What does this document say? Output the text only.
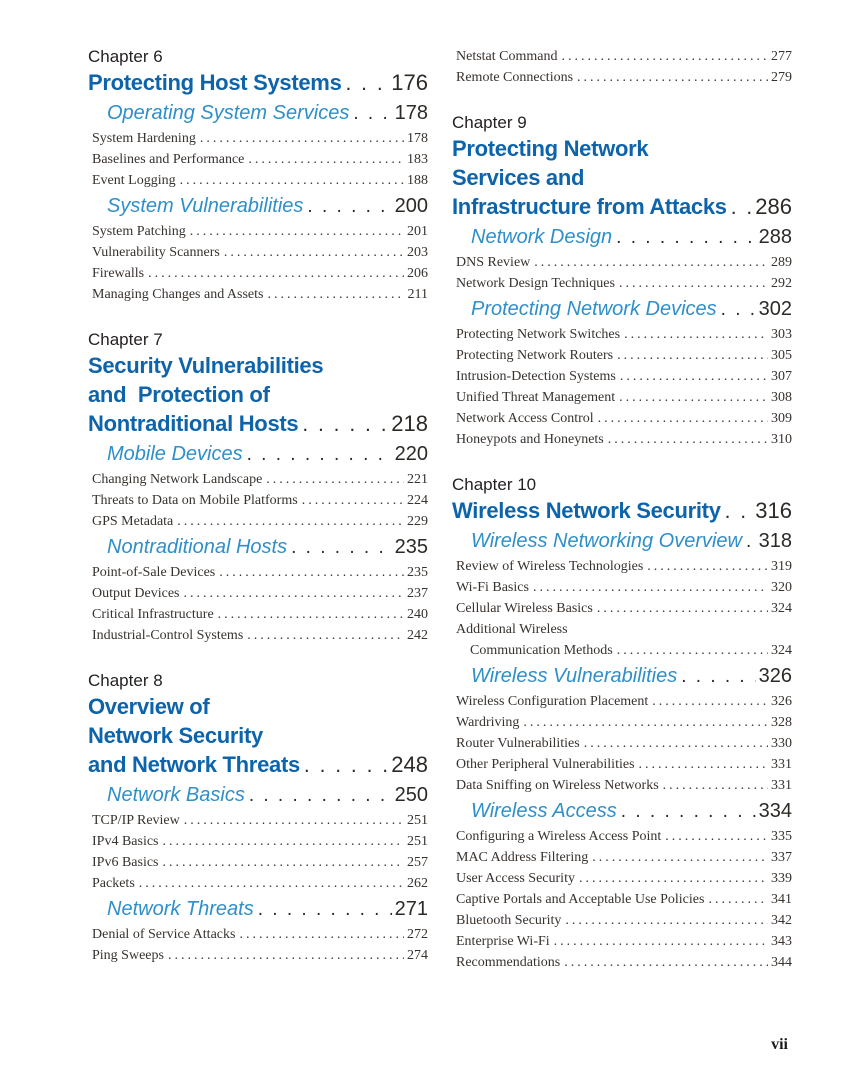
Chapter 6
Protecting Host Systems . . . 176
Operating System Services . . . 178
System Hardening .....	178
Baselines and Performance .....	183
Event Logging .....	188
System Vulnerabilities . . .	200
System Patching .....	201
Vulnerability Scanners .....	203
Firewalls .....	206
Managing Changes and Assets .....	211
Chapter 7
Security Vulnerabilities
and  Protection of
Nontraditional Hosts . . .	218
Mobile Devices . . .	220
Changing Network Landscape .....	221
Threats to Data on Mobile Platforms .....	224
GPS Metadata .....	229
Nontraditional Hosts . . .	235
Point-of-Sale Devices .....	235
Output Devices .....	237
Critical Infrastructure .....	240
Industrial-Control Systems .....	242
Chapter 8
Overview of
Network Security
and Network Threats . . .	248
Network Basics . . .	250
TCP/IP Review .....	251
IPv4 Basics .....	251
IPv6 Basics .....	257
Packets .....	262
Network Threats . . .	271
Denial of Service Attacks .....	272
Ping Sweeps .....	274
Netstat Command .....	277
Remote Connections .....	279
Chapter 9
Protecting Network
Services and
Infrastructure from Attacks . . . 286
Network Design . . .	288
DNS Review .....	289
Network Design Techniques .....	292
Protecting Network Devices . . . 302
Protecting Network Switches .....	303
Protecting Network Routers .....	305
Intrusion-Detection Systems .....	307
Unified Threat Management .....	308
Network Access Control .....	309
Honeypots and Honeynets .....	310
Chapter 10
Wireless Network Security . . . 316
Wireless Networking Overview . . . 318
Review of Wireless Technologies .....	319
Wi-Fi Basics .....	320
Cellular Wireless Basics .....	324
Additional Wireless
Communication Methods .....	324
Wireless Vulnerabilities . . .	326
Wireless Configuration Placement .....	326
Wardriving .....	328
Router Vulnerabilities .....	330
Other Peripheral Vulnerabilities .....	331
Data Sniffing on Wireless Networks .....	331
Wireless Access . . .	334
Configuring a Wireless Access Point .....	335
MAC Address Filtering .....	337
User Access Security .....	339
Captive Portals and Acceptable Use Policies .....	341
Bluetooth Security .....	342
Enterprise Wi-Fi .....	343
Recommendations .....	344
vii
